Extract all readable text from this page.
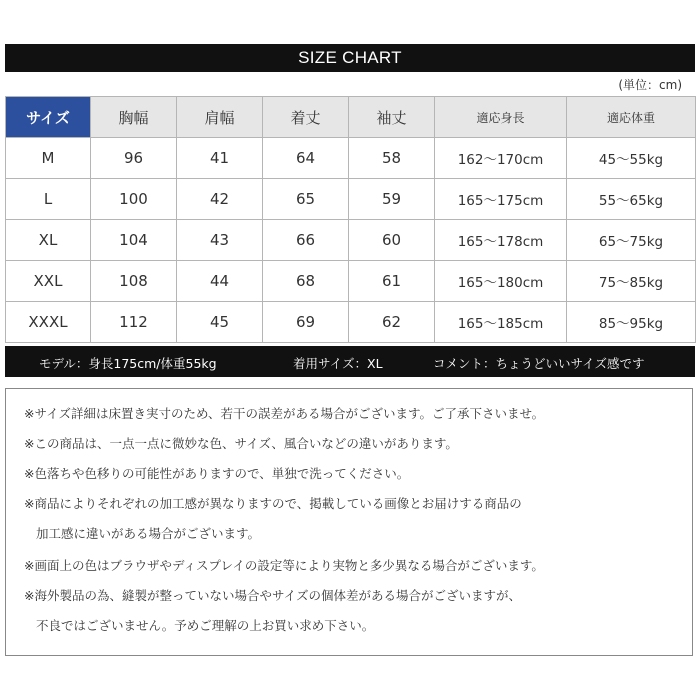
SIZE CHART
(単位：cm)
サイズ	胸幅	肩幅	着丈	袖丈	適応身長	適応体重
M	96	41	64	58	162～170cm	45～55kg
L	100	42	65	59	165～175cm	55～65kg
XL	104	43	66	60	165～178cm	65～75kg
XXL	108	44	68	61	165～180cm	75～85kg
XXXL	112	45	69	62	165～185cm	85～95kg
モデル：身長175cm/体重55kg	着用サイズ：XL	コメント：ちょうどいいサイズ感です
※サイズ詳細は床置き実寸のため、若干の誤差がある場合がございます。ご了承下さいませ。
※この商品は、一点一点に微妙な色、サイズ、風合いなどの違いがあります。
※色落ちや色移りの可能性がありますので、単独で洗ってください。
※商品によりそれぞれの加工感が異なりますので、掲載している画像とお届けする商品の
加工感に違いがある場合がございます。
※画面上の色はブラウザやディスプレイの設定等により実物と多少異なる場合がございます。
※海外製品の為、縫製が整っていない場合やサイズの個体差がある場合がございますが、
不良ではございません。予めご理解の上お買い求め下さい。
